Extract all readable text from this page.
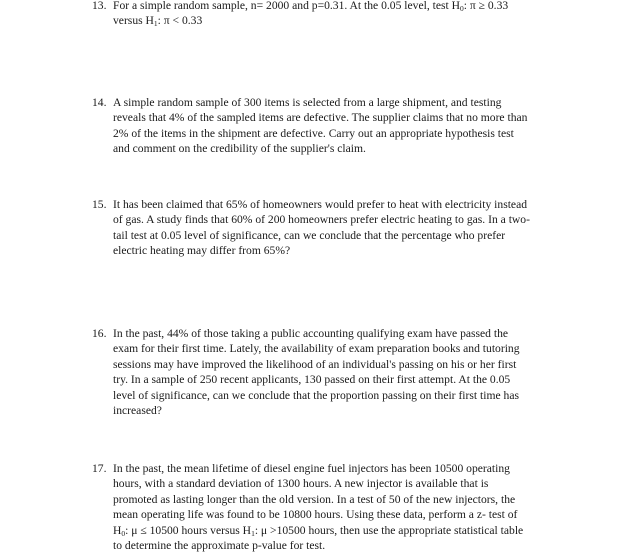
13. For a simple random sample, n= 2000 and p=0.31. At the 0.05 level, test $H_0$: π ≥ 0.33

versus $H_1$: π < 0.33

14. A simple random sample of 300 items is selected from a large shipment, and testing

reveals that 4% of the sampled items are defective. The supplier claims that no more than

2% of the items in the shipment are defective. Carry out an appropriate hypothesis test

and comment on the credibility of the supplier's claim.

15. It has been claimed that 65% of homeowners would prefer to heat with electricity instead

of gas. A study finds that 60% of 200 homeowners prefer electric heating to gas. In a two-

tail test at 0.05 level of significance, can we conclude that the percentage who prefer

electric heating may differ from 65%?

16. In the past, 44% of those taking a public accounting qualifying exam have passed the

exam for their first time. Lately, the availability of exam preparation books and tutoring

sessions may have improved the likelihood of an individual's passing on his or her first

try. In a sample of 250 recent applicants, 130 passed on their first attempt. At the 0.05

level of significance, can we conclude that the proportion passing on their first time has

increased?

17. In the past, the mean lifetime of diesel engine fuel injectors has been 10500 operating

hours, with a standard deviation of 1300 hours. A new injector is available that is

promoted as lasting longer than the old version. In a test of 50 of the new injectors, the

mean operating life was found to be 10800 hours. Using these data, perform a z- test of

$H_0$: μ ≤ 10500 hours versus $H_1$: μ >10500 hours, then use the appropriate statistical table

to determine the approximate p-value for test.
